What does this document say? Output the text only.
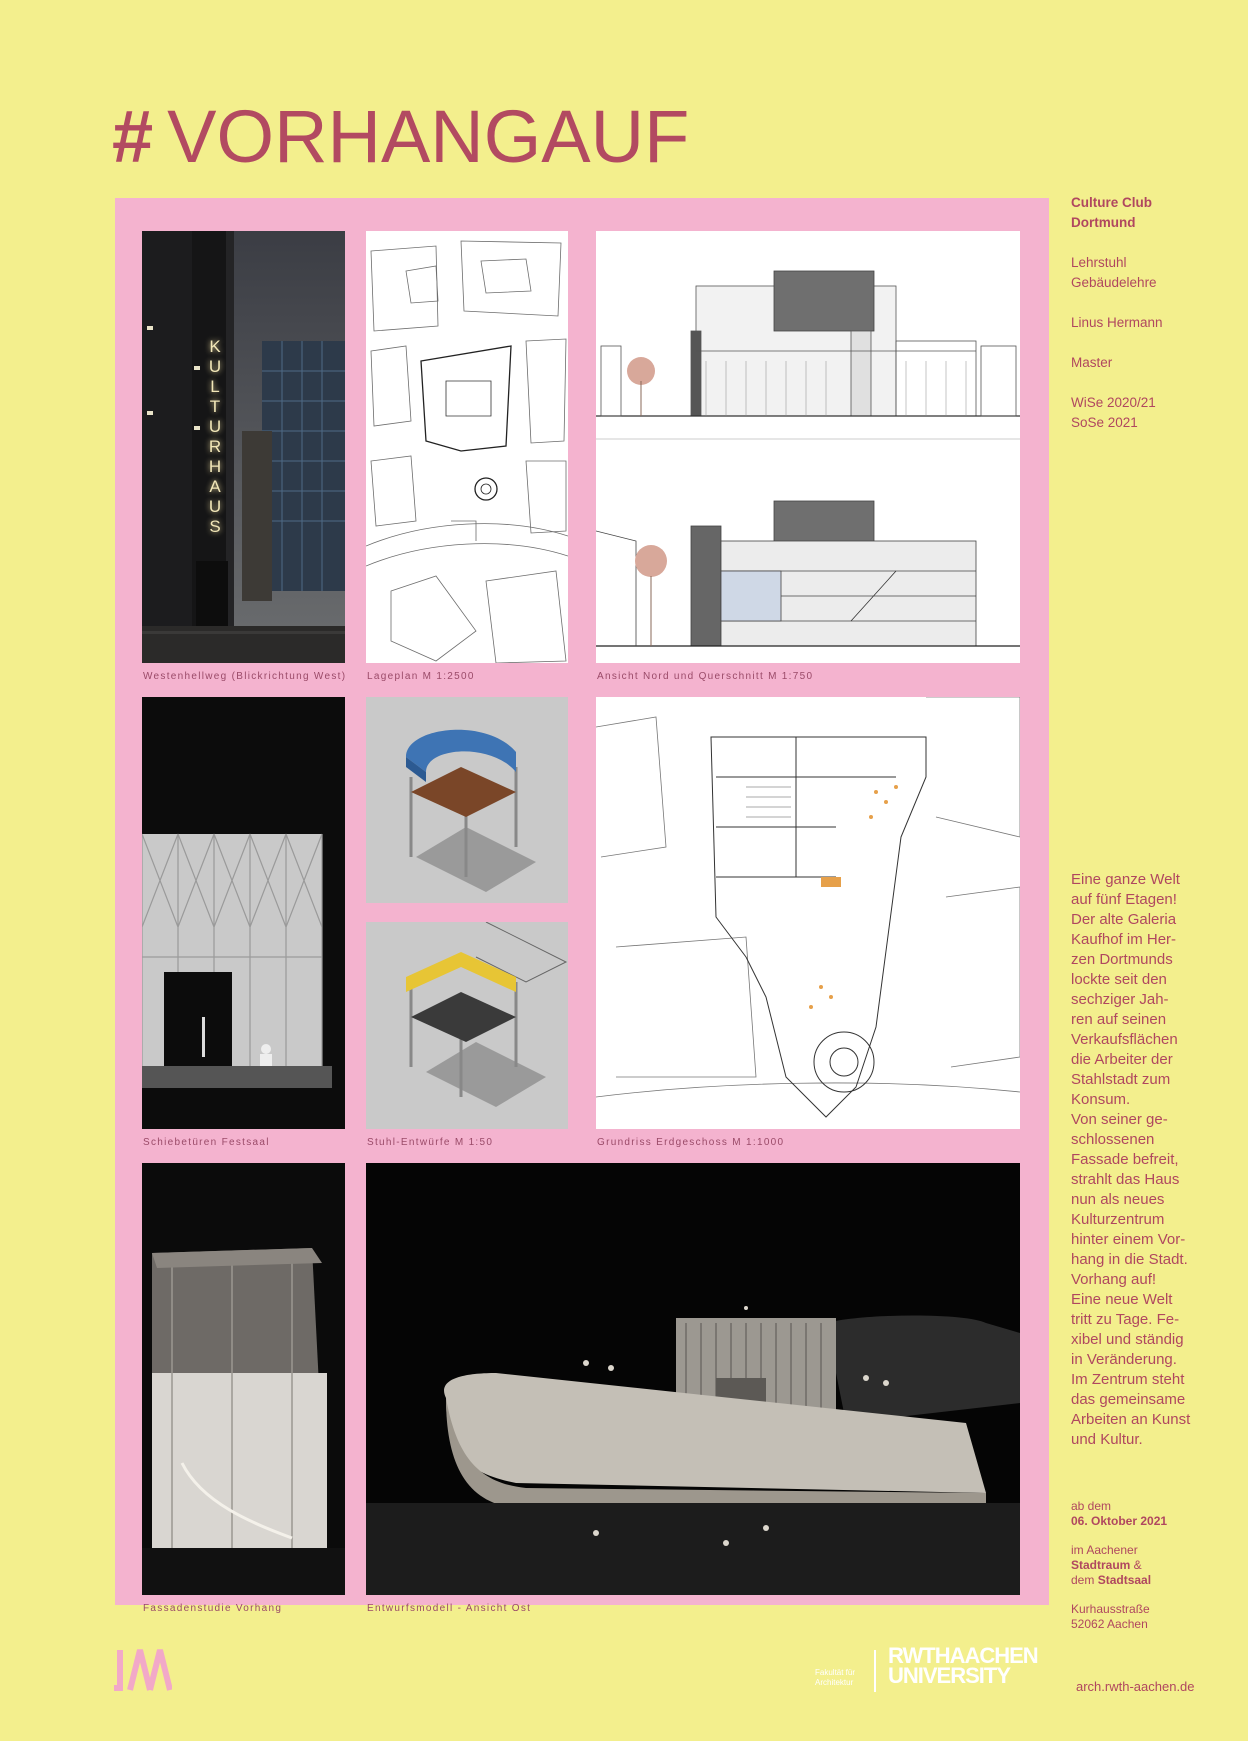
# VORHANGAUF
K
U
L
T
U
R
H
A
U
S
Westenhellweg (Blickrichtung West) Lageplan M 1:2500	Ansicht Nord und Querschnitt M 1:750
Schiebetüren Festsaal	Stuhl-Entwürfe M 1:50	Grundriss Erdgeschoss M 1:1000
Fassadenstudie Vorhang	Entwurfsmodell - Ansicht Ost
Culture Club
Dortmund
Lehrstuhl
Gebäudelehre
Linus Hermann
Master
WiSe 2020/21
SoSe 2021
Eine ganze Welt
auf fünf Etagen!
Der alte Galeria
Kaufhof im Her-
zen Dortmunds
lockte seit den
sechziger Jah-
ren auf seinen
Verkaufsflächen
die Arbeiter der
Stahlstadt zum
Konsum.
Von seiner ge-
schlossenen
Fassade befreit,
strahlt das Haus
nun als neues
Kulturzentrum
hinter einem Vor-
hang in die Stadt.
Vorhang auf!
Eine neue Welt
tritt zu Tage. Fe-
xibel und ständig
in Veränderung.
Im Zentrum steht
das gemeinsame
Arbeiten an Kunst
und Kultur.
ab dem
06. Oktober 2021
im Aachener
Stadtraum &
dem Stadtsaal
Kurhausstraße
52062 Aachen
Fakultät für
Architektur
RWTHAACHEN
UNIVERSITY	arch.rwth-aachen.de
